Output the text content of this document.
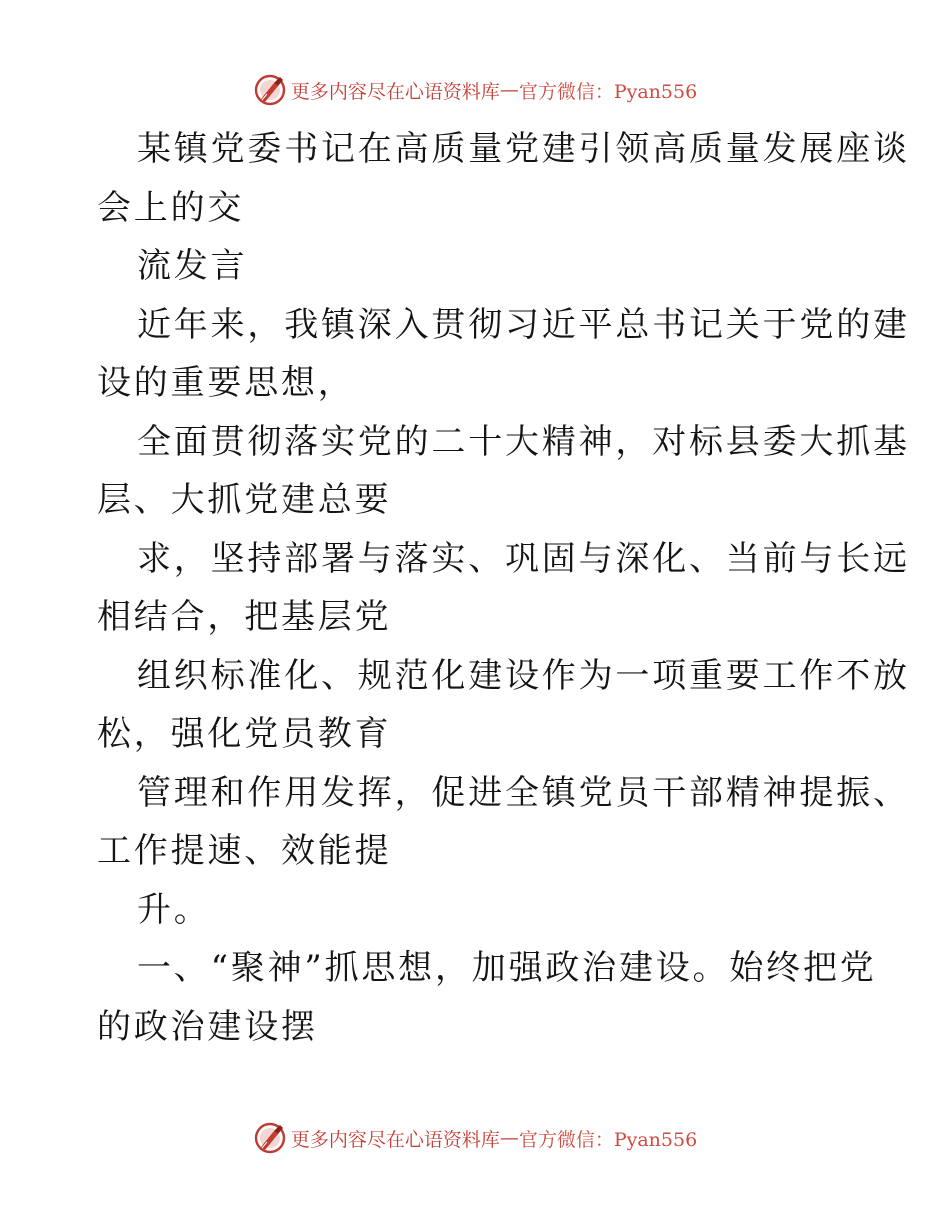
更多内容尽在心语资料库 — 官方微信：Pyan556
某镇党委书记在高质量党建引领高质量发展座谈
会上的交
流发言
近年来，我镇深入贯彻习近平总书记关于党的建
设的重要思想，
全面贯彻落实党的二十大精神，对标县委大抓基
层、大抓党建总要
求，坚持部署与落实、巩固与深化、当前与长远
相结合，把基层党
组织标准化、规范化建设作为一项重要工作不放
松，强化党员教育
管理和作用发挥，促进全镇党员干部精神提振、
工作提速、效能提
升。
一、“聚神”抓思想，加强政治建设。始终把党
的政治建设摆
更多内容尽在心语资料库 — 官方微信：Pyan556
